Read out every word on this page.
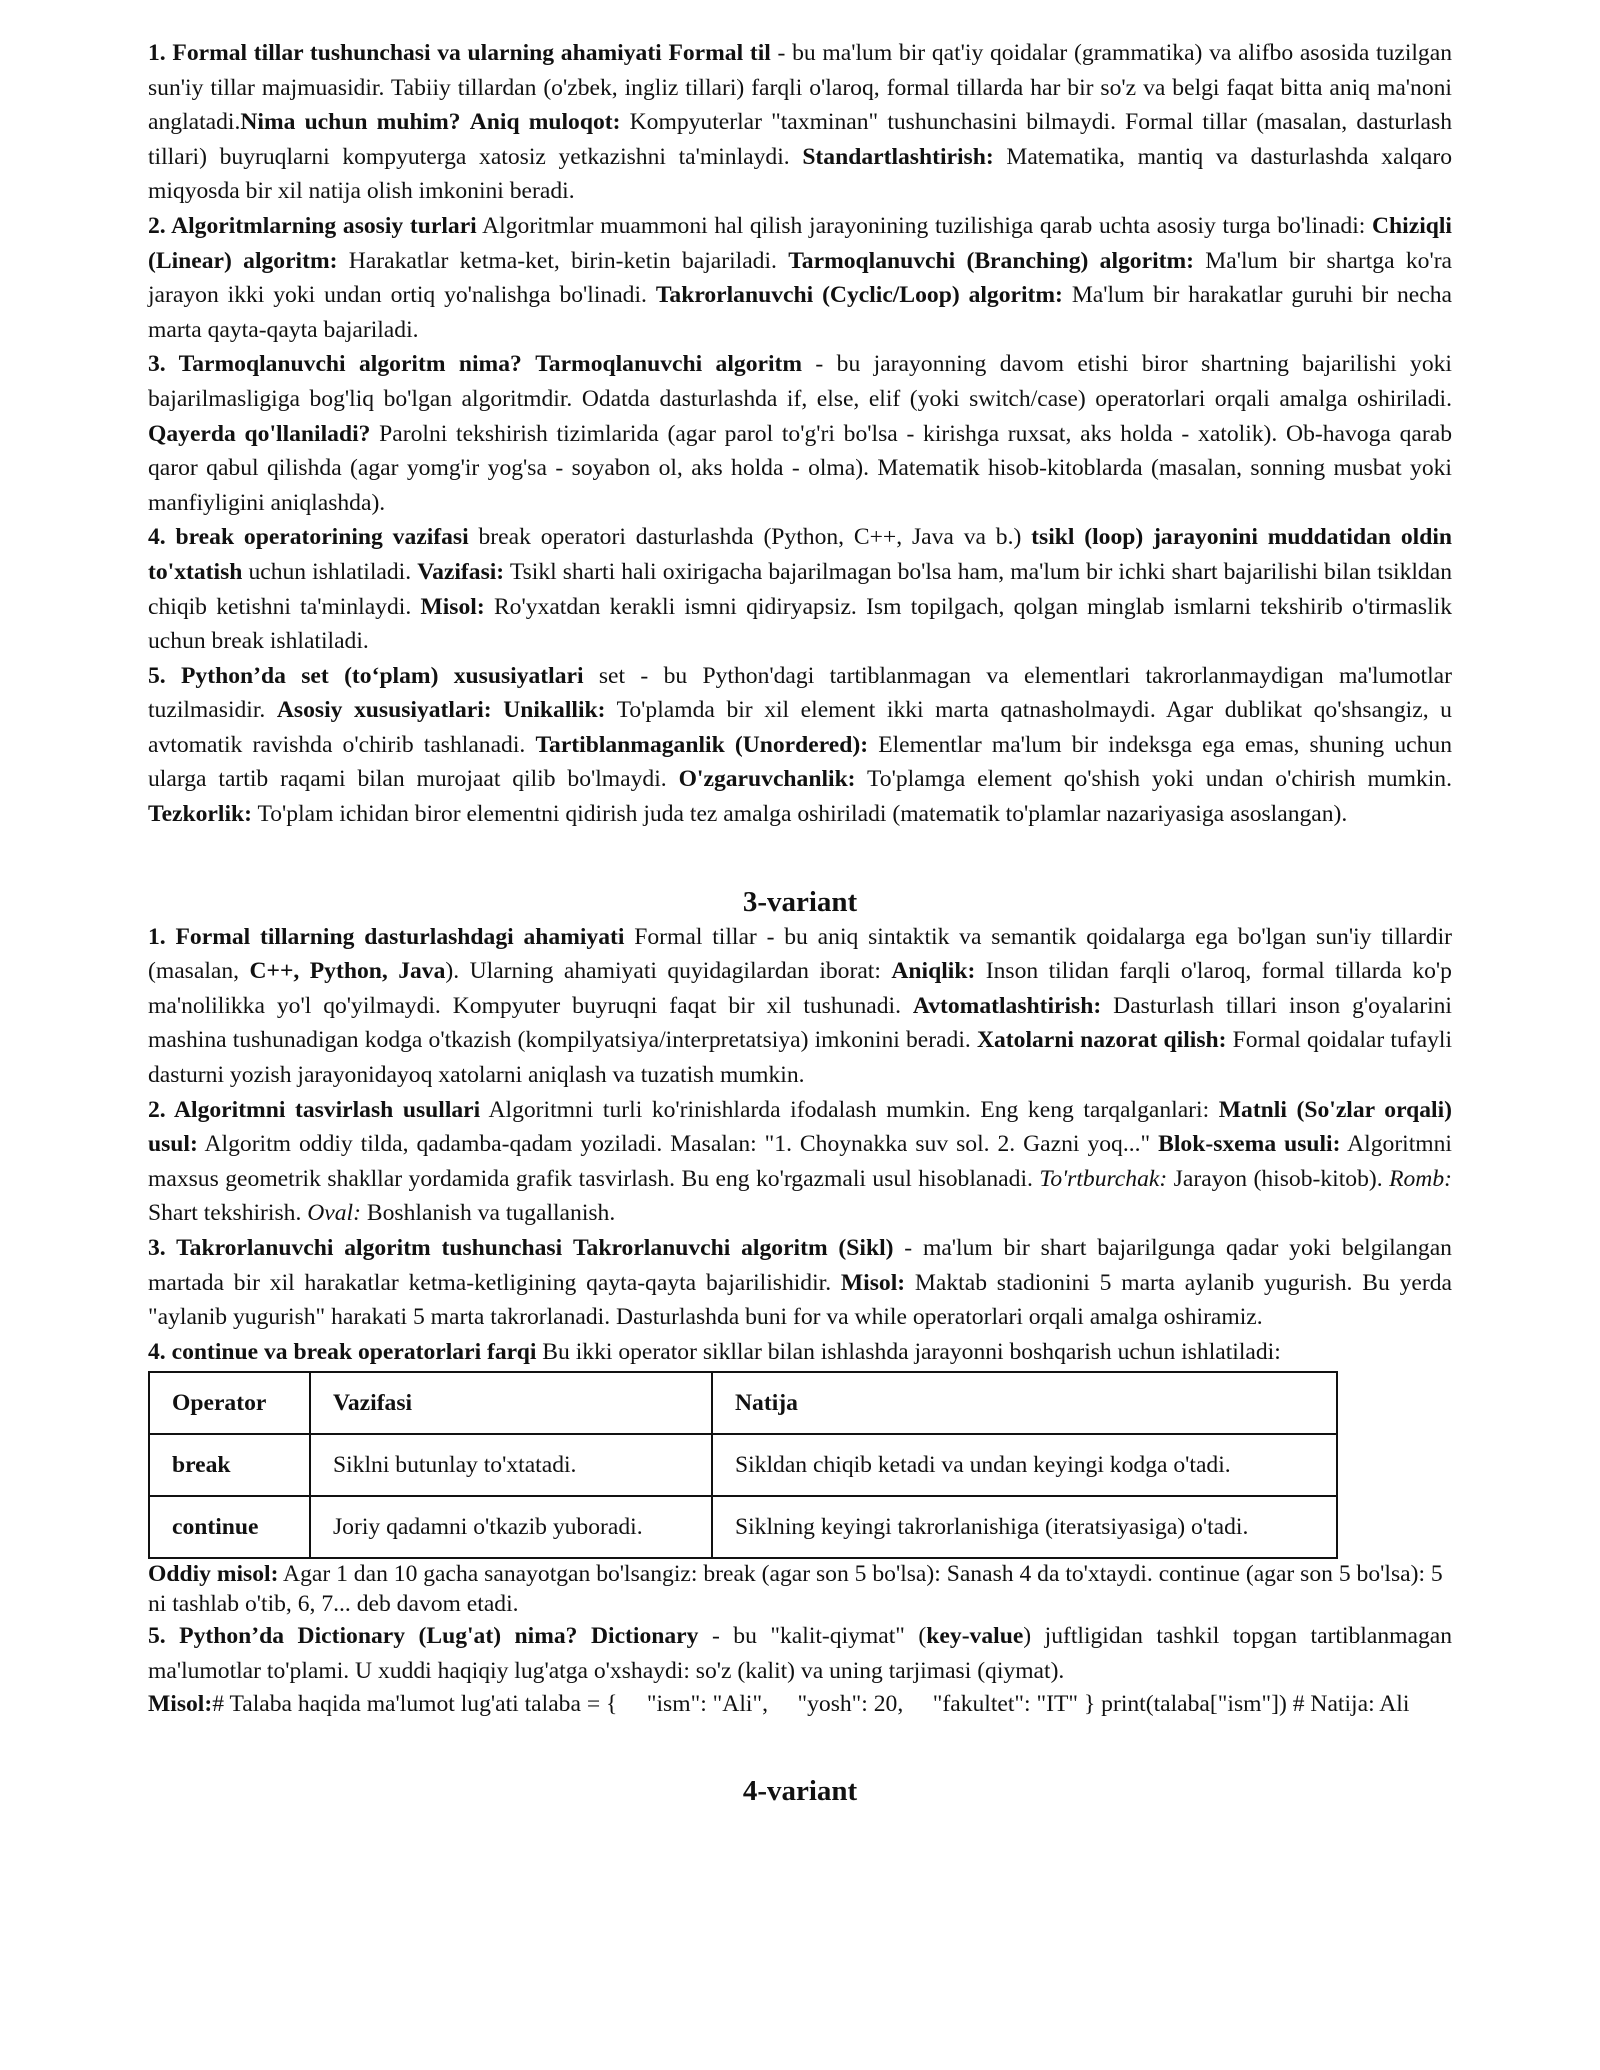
1. Formal tillar tushunchasi va ularning ahamiyati Formal til - bu ma'lum bir qat'iy qoidalar (grammatika) va alifbo asosida tuzilgan sun'iy tillar majmuasidir. Tabiiy tillardan (o'zbek, ingliz tillari) farqli o'laroq, formal tillarda har bir so'z va belgi faqat bitta aniq ma'noni anglatadi.Nima uchun muhim? Aniq muloqot: Kompyuterlar "taxminan" tushunchasini bilmaydi. Formal tillar (masalan, dasturlash tillari) buyruqlarni kompyuterga xatosiz yetkazishni ta'minlaydi. Standartlashtirish: Matematika, mantiq va dasturlashda xalqaro miqyosda bir xil natija olish imkonini beradi.

2. Algoritmlarning asosiy turlari Algoritmlar muammoni hal qilish jarayonining tuzilishiga qarab uchta asosiy turga bo'linadi: Chiziqli (Linear) algoritm: Harakatlar ketma-ket, birin-ketin bajariladi. Tarmoqlanuvchi (Branching) algoritm: Ma'lum bir shartga ko'ra jarayon ikki yoki undan ortiq yo'nalishga bo'linadi. Takrorlanuvchi (Cyclic/Loop) algoritm: Ma'lum bir harakatlar guruhi bir necha marta qayta-qayta bajariladi.

3. Tarmoqlanuvchi algoritm nima? Tarmoqlanuvchi algoritm - bu jarayonning davom etishi biror shartning bajarilishi yoki bajarilmasligiga bog'liq bo'lgan algoritmdir. Odatda dasturlashda if, else, elif (yoki switch/case) operatorlari orqali amalga oshiriladi. Qayerda qo'llaniladi? Parolni tekshirish tizimlarida (agar parol to'g'ri bo'lsa - kirishga ruxsat, aks holda - xatolik). Ob-havoga qarab qaror qabul qilishda (agar yomg'ir yog'sa - soyabon ol, aks holda - olma). Matematik hisob-kitoblarda (masalan, sonning musbat yoki manfiyligini aniqlashda).

4. break operatorining vazifasi break operatori dasturlashda (Python, C++, Java va b.) tsikl (loop) jarayonini muddatidan oldin to'xtatish uchun ishlatiladi. Vazifasi: Tsikl sharti hali oxirigacha bajarilmagan bo'lsa ham, ma'lum bir ichki shart bajarilishi bilan tsikldan chiqib ketishni ta'minlaydi. Misol: Ro'yxatdan kerakli ismni qidiryapsiz. Ism topilgach, qolgan minglab ismlarni tekshirib o'tirmaslik uchun break ishlatiladi.

5. Python’da set (to‘plam) xususiyatlari set - bu Python'dagi tartiblanmagan va elementlari takrorlanmaydigan ma'lumotlar tuzilmasidir. Asosiy xususiyatlari: Unikallik: To'plamda bir xil element ikki marta qatnasholmaydi. Agar dublikat qo'shsangiz, u avtomatik ravishda o'chirib tashlanadi. Tartiblanmaganlik (Unordered): Elementlar ma'lum bir indeksga ega emas, shuning uchun ularga tartib raqami bilan murojaat qilib bo'lmaydi. O'zgaruvchanlik: To'plamga element qo'shish yoki undan o'chirish mumkin. Tezkorlik: To'plam ichidan biror elementni qidirish juda tez amalga oshiriladi (matematik to'plamlar nazariyasiga asoslangan).

3-variant

1. Formal tillarning dasturlashdagi ahamiyati Formal tillar - bu aniq sintaktik va semantik qoidalarga ega bo'lgan sun'iy tillardir (masalan, C++, Python, Java). Ularning ahamiyati quyidagilardan iborat: Aniqlik: Inson tilidan farqli o'laroq, formal tillarda ko'p ma'nolilikka yo'l qo'yilmaydi. Kompyuter buyruqni faqat bir xil tushunadi. Avtomatlashtirish: Dasturlash tillari inson g'oyalarini mashina tushunadigan kodga o'tkazish (kompilyatsiya/interpretatsiya) imkonini beradi. Xatolarni nazorat qilish: Formal qoidalar tufayli dasturni yozish jarayonidayoq xatolarni aniqlash va tuzatish mumkin.

2. Algoritmni tasvirlash usullari Algoritmni turli ko'rinishlarda ifodalash mumkin. Eng keng tarqalganlari: Matnli (So'zlar orqali) usul: Algoritm oddiy tilda, qadamba-qadam yoziladi. Masalan: "1. Choynakka suv sol. 2. Gazni yoq..." Blok-sxema usuli: Algoritmni maxsus geometrik shakllar yordamida grafik tasvirlash. Bu eng ko'rgazmali usul hisoblanadi. To'rtburchak: Jarayon (hisob-kitob). Romb: Shart tekshirish. Oval: Boshlanish va tugallanish.

3. Takrorlanuvchi algoritm tushunchasi Takrorlanuvchi algoritm (Sikl) - ma'lum bir shart bajarilgunga qadar yoki belgilangan martada bir xil harakatlar ketma-ketligining qayta-qayta bajarilishidir. Misol: Maktab stadionini 5 marta aylanib yugurish. Bu yerda "aylanib yugurish" harakati 5 marta takrorlanadi. Dasturlashda buni for va while operatorlari orqali amalga oshiramiz.

4. continue va break operatorlari farqi Bu ikki operator sikllar bilan ishlashda jarayonni boshqarish uchun ishlatiladi:

Operator	Vazifasi	Natija
break	Siklni butunlay to'xtatadi.	Sikldan chiqib ketadi va undan keyingi kodga o'tadi.
continue	Joriy qadamni o'tkazib yuboradi.	Siklning keyingi takrorlanishiga (iteratsiyasiga) o'tadi.

Oddiy misol: Agar 1 dan 10 gacha sanayotgan bo'lsangiz: break (agar son 5 bo'lsa): Sanash 4 da to'xtaydi. continue (agar son 5 bo'lsa): 5 ni tashlab o'tib, 6, 7... deb davom etadi.

5. Python’da Dictionary (Lug'at) nima? Dictionary - bu "kalit-qiymat" (key-value) juftligidan tashkil topgan tartiblanmagan ma'lumotlar to'plami. U xuddi haqiqiy lug'atga o'xshaydi: so'z (kalit) va uning tarjimasi (qiymat).

Misol:# Talaba haqida ma'lumot lug'ati talaba = {     "ism": "Ali",     "yosh": 20,     "fakultet": "IT" } print(talaba["ism"]) # Natija: Ali

4-variant
